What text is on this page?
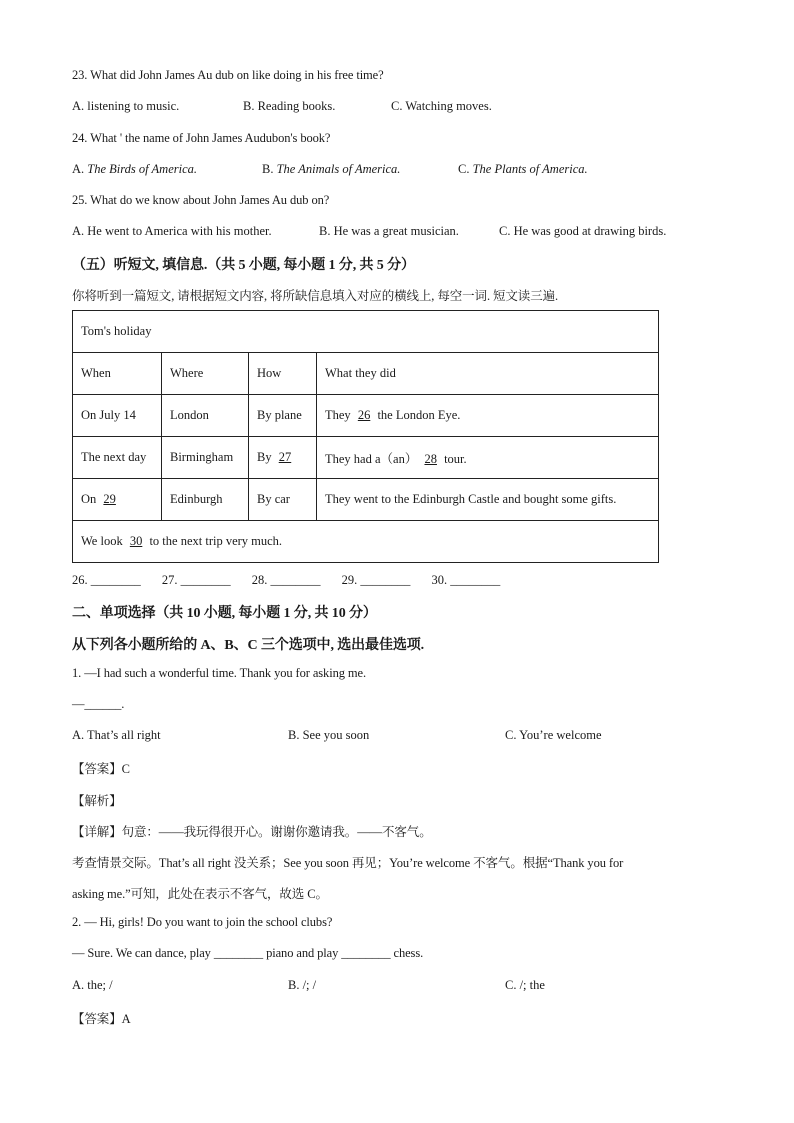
23. What did John James Au dub on like doing in his free time?
A. listening to music.	B. Reading books.	C. Watching moves.
24. What ' the name of John James Audubon's book?
A. The Birds of America.	B. The Animals of America.	C. The Plants of America.
25. What do we know about John James Au dub on?
A. He went to America with his mother.	B. He was a great musician.	C. He was good at drawing birds.
（五）听短文, 填信息.（共 5 小题, 每小题 1 分, 共 5 分）
你将听到一篇短文, 请根据短文内容, 将所缺信息填入对应的横线上, 每空一词. 短文读三遍.
Tom's holiday			
When	Where	How	What they did
On July 14	London	By plane	They 26 the London Eye.
The next day	Birmingham	By 27	They had a（an） 28 tour.
On 29	Edinburgh	By car	They went to the Edinburgh Castle and bought some gifts.
We look 30 to the next trip very much.			
26. ________ 27. ________ 28. ________ 29. ________ 30. ________
二、单项选择（共 10 小题, 每小题 1 分, 共 10 分）
从下列各小题所给的 A、B、C 三个选项中, 选出最佳选项.
1. —I had such a wonderful time. Thank you for asking me.
—______.
A. That’s all right	B. See you soon	C. You’re welcome
【答案】C
【解析】
【详解】句意：——我玩得很开心。谢谢你邀请我。——不客气。
考查情景交际。That’s all right 没关系；See you soon 再见；You’re welcome 不客气。根据“Thank you for
asking me.”可知，此处在表示不客气，故选 C。
2. — Hi, girls! Do you want to join the school clubs?
— Sure. We can dance, play ________ piano and play ________ chess.
A. the; /	B. /; /	C. /; the
【答案】A
